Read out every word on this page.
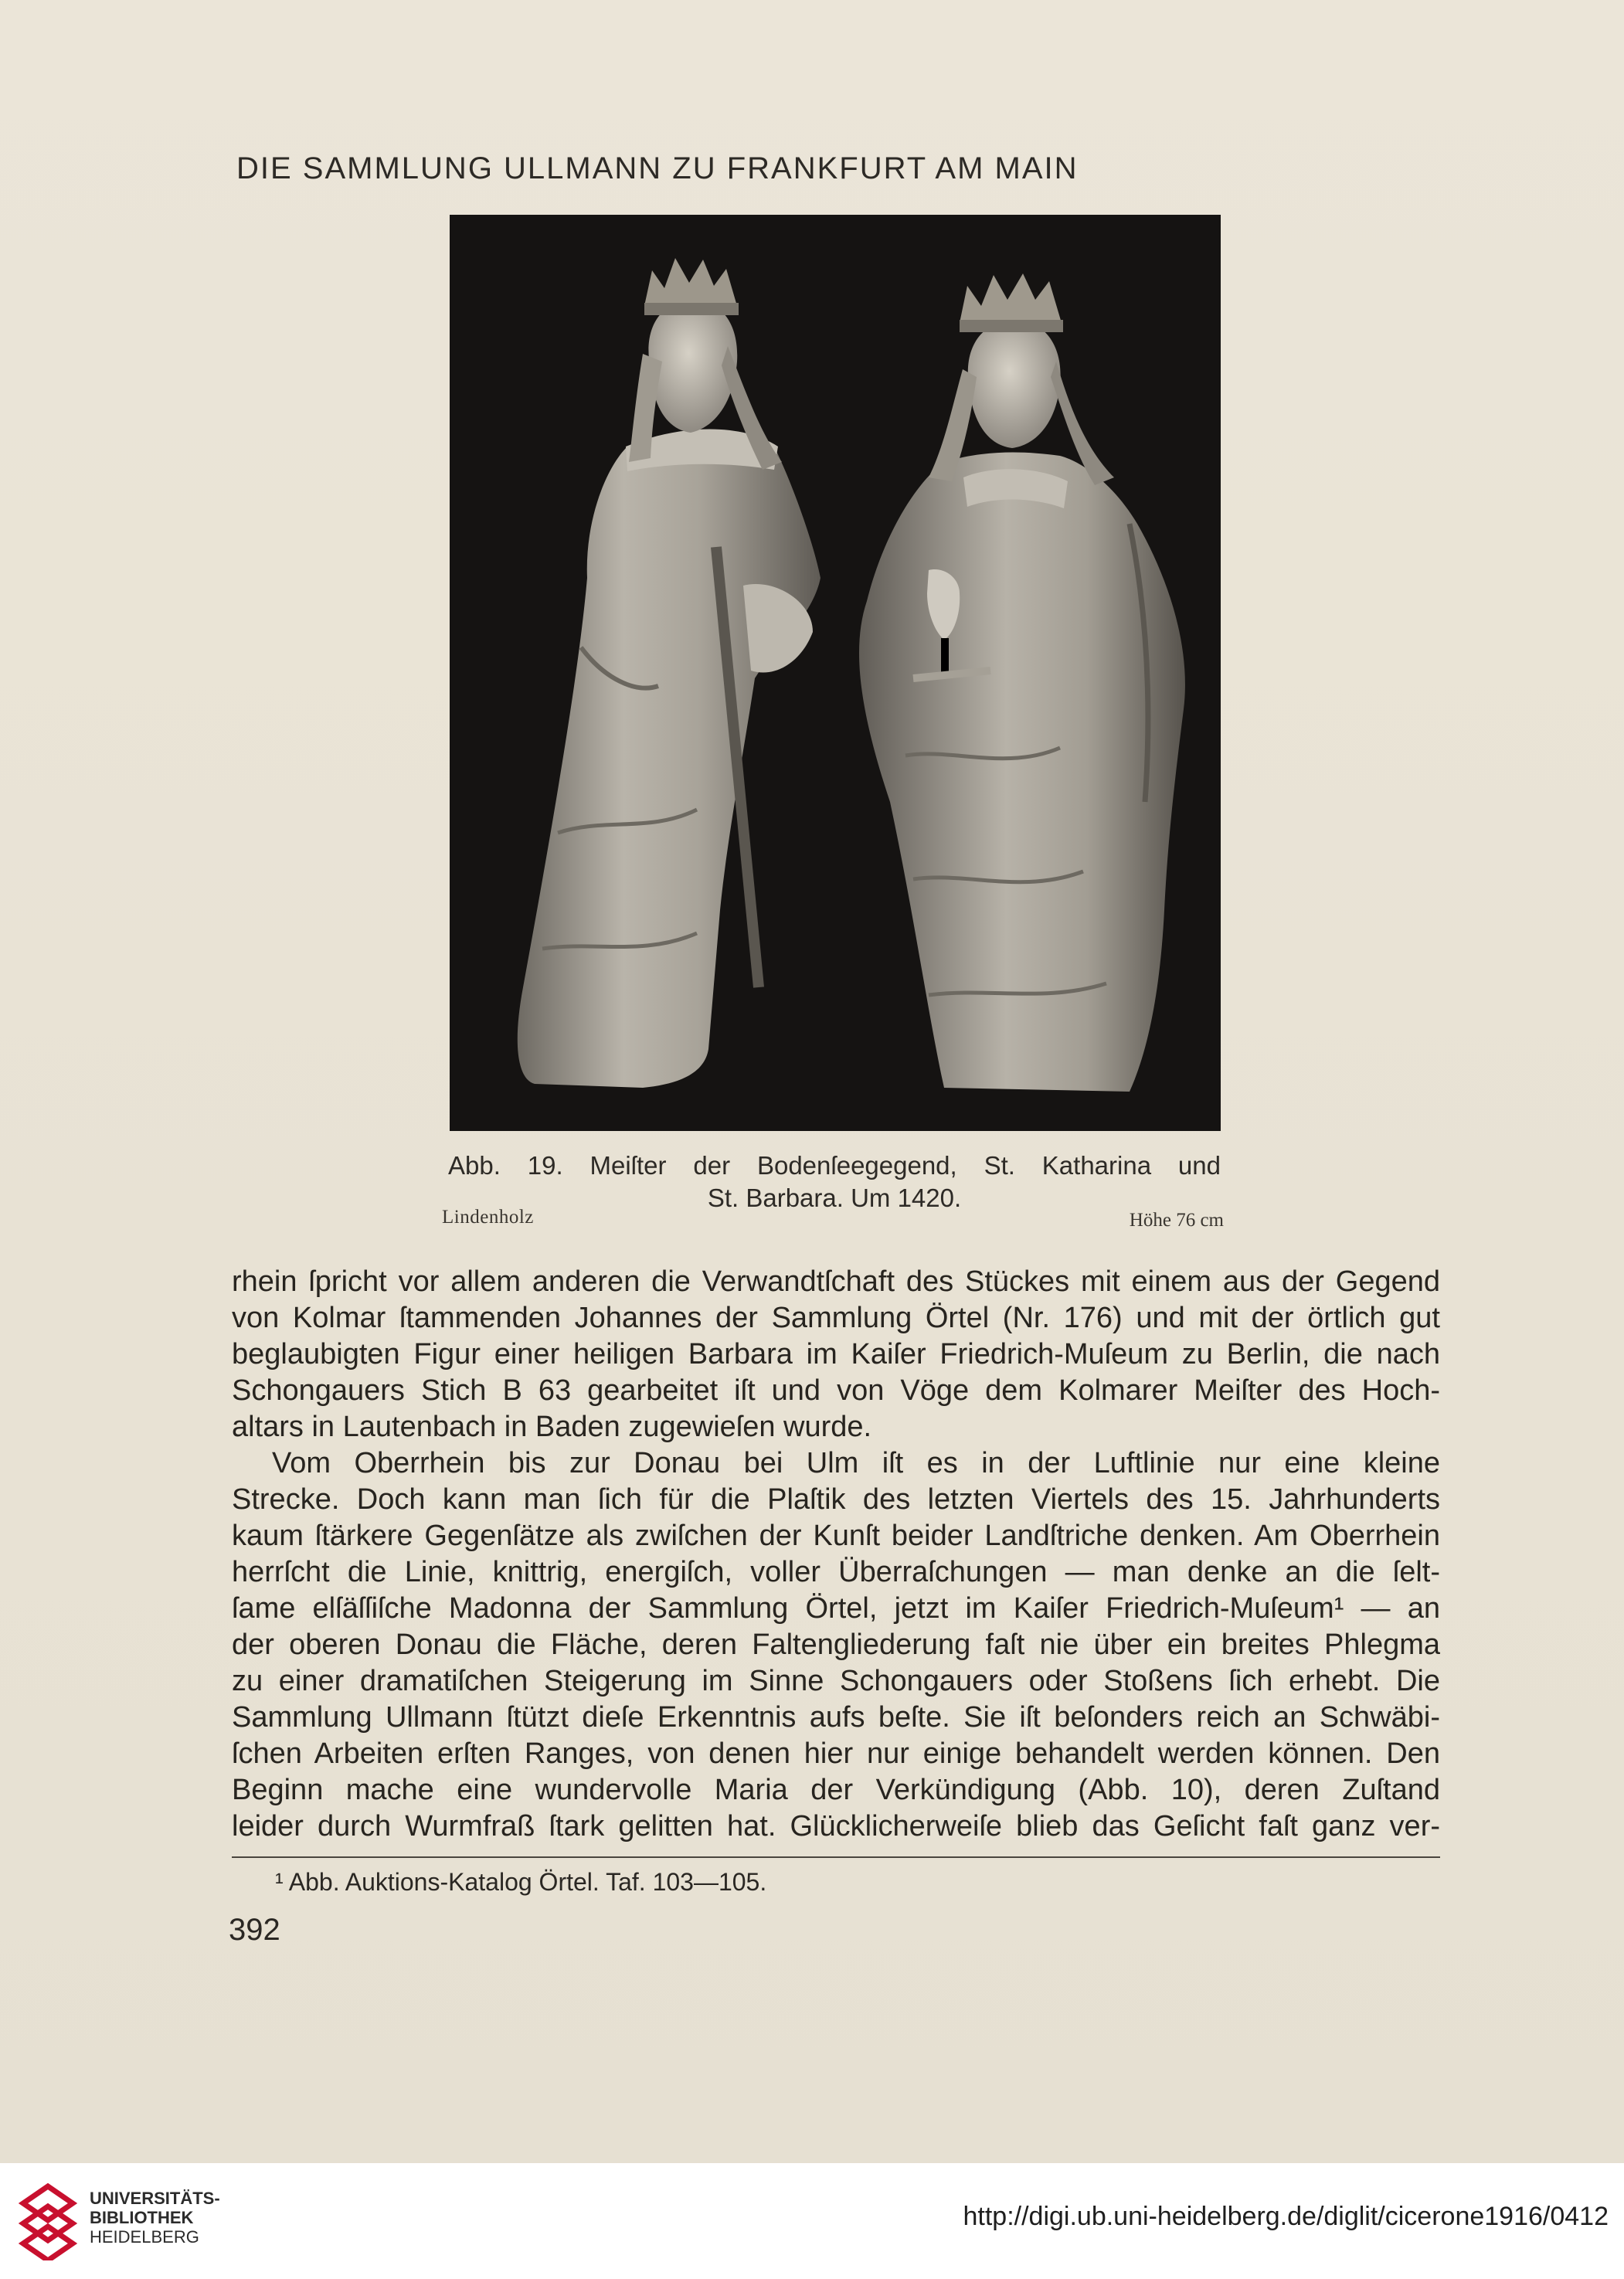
DIE SAMMLUNG ULLMANN ZU FRANKFURT AM MAIN
Abb. 19. Meiſter der Bodenſeegegend, St. Katharina und
St. Barbara. Um 1420.
Lindenholz	Höhe 76 cm
rhein ſpricht vor allem anderen die Verwandtſchaft des Stückes mit einem aus der Gegend
von Kolmar ſtammenden Johannes der Sammlung Örtel (Nr. 176) und mit der örtlich gut
beglaubigten Figur einer heiligen Barbara im Kaiſer Friedrich-Muſeum zu Berlin, die nach
Schongauers Stich B 63 gearbeitet iſt und von Vöge dem Kolmarer Meiſter des Hoch-
altars in Lautenbach in Baden zugewieſen wurde.
Vom Oberrhein bis zur Donau bei Ulm iſt es in der Luftlinie nur eine kleine
Strecke. Doch kann man ſich für die Plaſtik des letzten Viertels des 15. Jahrhunderts
kaum ſtärkere Gegenſätze als zwiſchen der Kunſt beider Landſtriche denken. Am Oberrhein
herrſcht die Linie, knittrig, energiſch, voller Überraſchungen — man denke an die ſelt-
ſame elſäſſiſche Madonna der Sammlung Örtel, jetzt im Kaiſer Friedrich-Muſeum¹ — an
der oberen Donau die Fläche, deren Faltengliederung faſt nie über ein breites Phlegma
zu einer dramatiſchen Steigerung im Sinne Schongauers oder Stoßens ſich erhebt. Die
Sammlung Ullmann ſtützt dieſe Erkenntnis aufs beſte. Sie iſt beſonders reich an Schwäbi-
ſchen Arbeiten erſten Ranges, von denen hier nur einige behandelt werden können. Den
Beginn mache eine wundervolle Maria der Verkündigung (Abb. 10), deren Zuſtand
leider durch Wurmfraß ſtark gelitten hat. Glücklicherweiſe blieb das Geſicht faſt ganz ver-
¹ Abb. Auktions-Katalog Örtel. Taf. 103—105.
392
UNIVERSITÄTS-
BIBLIOTHEK
HEIDELBERG
http://digi.ub.uni-heidelberg.de/diglit/cicerone1916/0412
